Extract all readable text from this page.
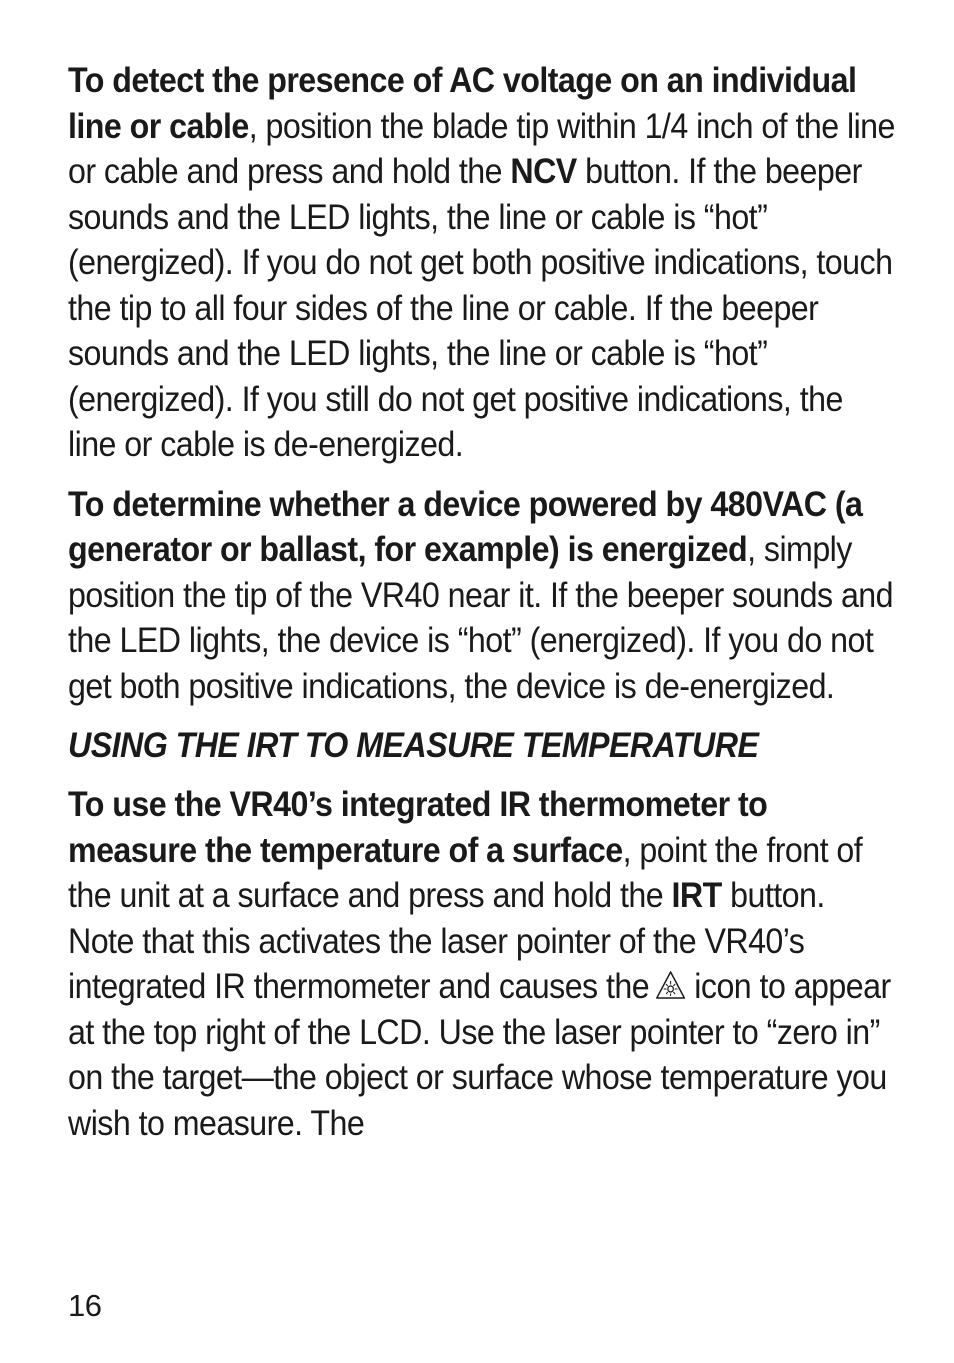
To detect the presence of AC voltage on an individual line or cable, position the blade tip within 1/4 inch of the line or cable and press and hold the NCV button. If the beeper sounds and the LED lights, the line or cable is “hot” (energized). If you do not get both positive indications, touch the tip to all four sides of the line or cable. If the beeper sounds and the LED lights, the line or cable is “hot” (energized). If you still do not get positive indications, the line or cable is de-energized.

To determine whether a device powered by 480VAC (a generator or ballast, for example) is energized, simply position the tip of the VR40 near it. If the beeper sounds and the LED lights, the device is “hot” (energized). If you do not get both positive indications, the device is de-energized.

USING THE IRT TO MEASURE TEMPERATURE

To use the VR40’s integrated IR thermometer to measure the temperature of a surface, point the front of the unit at a surface and press and hold the IRT button. Note that this activates the laser pointer of the VR40’s integrated IR thermometer and causes the icon to appear at the top right of the LCD. Use the laser pointer to “zero in” on the target—the object or surface whose temperature you wish to measure. The

16
